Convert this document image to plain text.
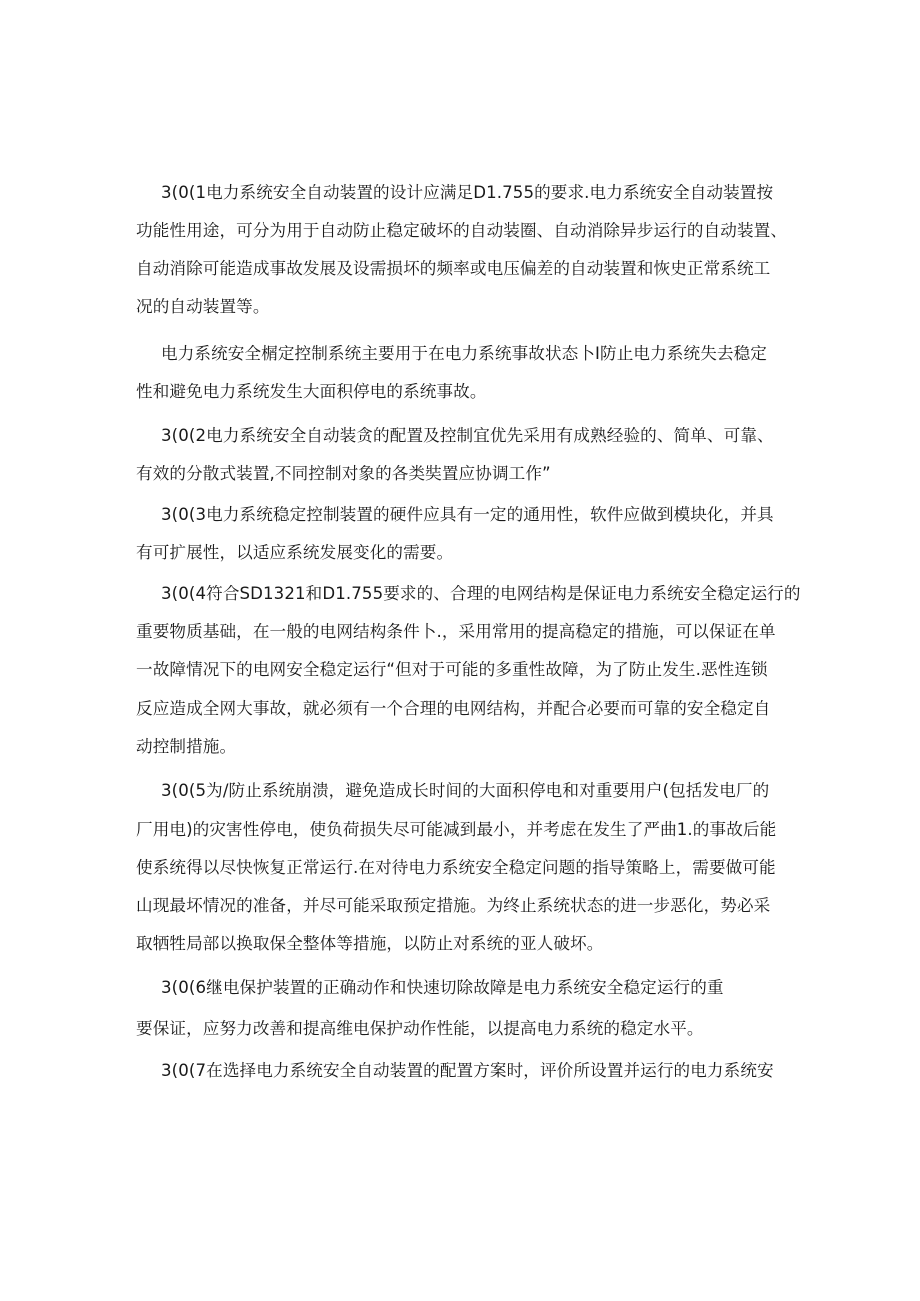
3(0(1电力系统安全自动装置的设计应满足D1.755的要求.电力系统安全自动装置按
功能性用途，可分为用于自动防止稳定破坏的自动装圈、自动消除异步运行的自动装置、
自动消除可能造成事故发展及设需损坏的频率或电压偏差的自动装置和恢史正常系统工
况的自动装置等。
电力系统安全榍定控制系统主要用于在电力系统事故状态卜I防止电力系统失去稳定
性和避免电力系统发生大面积停电的系统事故。
3(0(2电力系统安全自动装贪的配置及控制宜优先采用有成熟经验的、简单、可靠、
有效的分散式装置,不同控制对象的各类奘置应协调工作”
3(0(3电力系统稳定控制装置的硬件应具有一定的通用性，软件应做到模块化，并具
有可扩展性，以适应系统发展变化的需要。
3(0(4符合SD1321和D1.755要求的、合理的电网结构是保证电力系统安全稳定运行的
重要物质基础，在一般的电网结构条件卜.，采用常用的提高稳定的措施，可以保证在单
一故障情况下的电网安全稳定运行“但对于可能的多重性故障，为了防止发生.恶性连锁
反应造成全网大事故，就必须有一个合理的电网结构，并配合必要而可靠的安全稳定自
动控制措施。
3(0(5为/防止系统崩溃，避免造成长时间的大面积停电和对重要用户(包括发电厂的
厂用电)的灾害性停电，使负荷损失尽可能减到最小，并考虑在发生了严曲1.的事故后能
使系统得以尽快恢复正常运行.在对待电力系统安全稳定问题的指导策略上，需要做可能
山现最坏情况的准备，并尽可能采取预定措施。为终止系统状态的进一步恶化，势必采
取牺牲局部以换取保全整体等措施，以防止对系统的亚人破坏。
3(0(6继电保护装置的正确动作和快速切除故障是电力系统安全稳定运行的重
要保证，应努力改善和提高维电保护动作性能，以提高电力系统的稳定水平。
3(0(7在选择电力系统安全自动装置的配置方案时，评价所设置并运行的电力系统安
